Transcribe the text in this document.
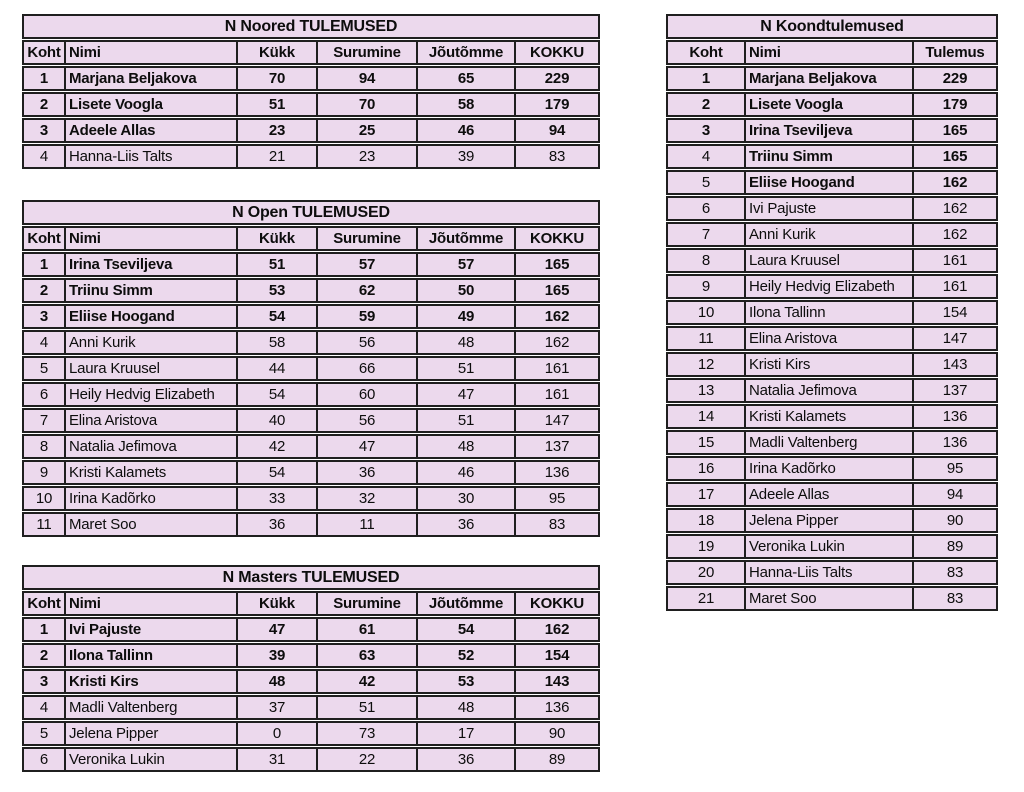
N Noored TULEMUSED
Koht Nimi	Kükk	Surumine	Jõutõmme	KOKKU
1	Marjana Beljakova	70	94	65	229
2	Lisete Voogla	51	70	58	179
3	Adeele Allas	23	25	46	94
4	Hanna-Liis Talts	21	23	39	83
N Open TULEMUSED
Koht Nimi	Kükk	Surumine	Jõutõmme	KOKKU
1	Irina Tseviljeva	51	57	57	165
2	Triinu Simm	53	62	50	165
3	Eliise Hoogand	54	59	49	162
4	Anni Kurik	58	56	48	162
5	Laura Kruusel	44	66	51	161
6	Heily Hedvig Elizabeth	54	60	47	161
7	Elina Aristova	40	56	51	147
8	Natalia Jefimova	42	47	48	137
9	Kristi Kalamets	54	36	46	136
10	Irina Kadõrko	33	32	30	95
11	Maret Soo	36	11	36	83
N Masters TULEMUSED
Koht Nimi	Kükk	Surumine	Jõutõmme	KOKKU
1	Ivi Pajuste	47	61	54	162
2	Ilona Tallinn	39	63	52	154
3	Kristi Kirs	48	42	53	143
4	Madli Valtenberg	37	51	48	136
5	Jelena Pipper	0	73	17	90
6	Veronika Lukin	31	22	36	89
N Koondtulemused
Koht	Nimi	Tulemus
1	Marjana Beljakova	229
2	Lisete Voogla	179
3	Irina Tseviljeva	165
4	Triinu Simm	165
5	Eliise Hoogand	162
6	Ivi Pajuste	162
7	Anni Kurik	162
8	Laura Kruusel	161
9	Heily Hedvig Elizabeth	161
10	Ilona Tallinn	154
11	Elina Aristova	147
12	Kristi Kirs	143
13	Natalia Jefimova	137
14	Kristi Kalamets	136
15	Madli Valtenberg	136
16	Irina Kadõrko	95
17	Adeele Allas	94
18	Jelena Pipper	90
19	Veronika Lukin	89
20	Hanna-Liis Talts	83
21	Maret Soo	83
